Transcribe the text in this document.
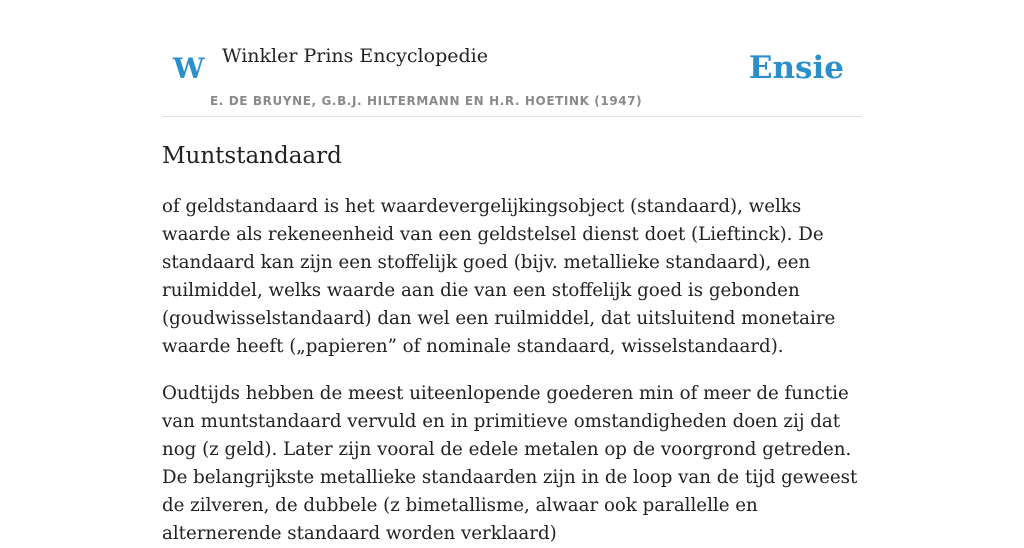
W Winkler Prins Encyclopedie
E. DE BRUYNE, G.B.J. HILTERMANN EN H.R. HOETINK (1947)
Ensie
Muntstandaard

of geldstandaard is het waardevergelijkingsobject (standaard), welks waarde als rekeneenheid van een geldstelsel dienst doet (Lieftinck). De standaard kan zijn een stoffelijk goed (bijv. metallieke standaard), een ruilmiddel, welks waarde aan die van een stoffelijk goed is gebonden (goudwisselstandaard) dan wel een ruilmiddel, dat uitsluitend monetaire waarde heeft („papieren” of nominale standaard, wisselstandaard).

Oudtijds hebben de meest uiteenlopende goederen min of meer de functie van muntstandaard vervuld en in primitieve omstandigheden doen zij dat nog (z geld). Later zijn vooral de edele metalen op de voorgrond getreden. De belangrijkste metallieke standaarden zijn in de loop van de tijd geweest de zilveren, de dubbele (z bimetallisme, alwaar ook parallelle en alternerende standaard worden verklaard)
